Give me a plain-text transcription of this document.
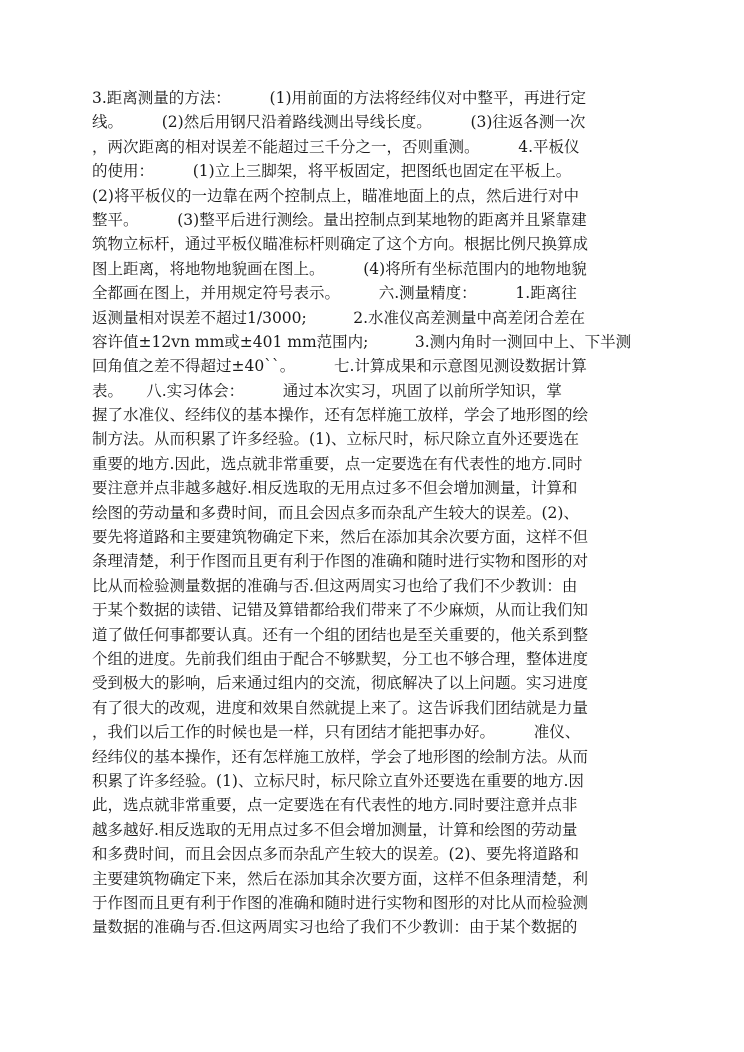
3.距离测量的方法：　　　(1)用前面的方法将经纬仪对中整平，再进行定
线。　　　(2)然后用钢尺沿着路线测出导线长度。　　　(3)往返各测一次
，两次距离的相对误差不能超过三千分之一，否则重测。　　　4.平板仪
的使用：　　　(1)立上三脚架，将平板固定，把图纸也固定在平板上。
(2)将平板仪的一边靠在两个控制点上，瞄准地面上的点，然后进行对中
整平。　　　(3)整平后进行测绘。量出控制点到某地物的距离并且紧靠建
筑物立标杆，通过平板仪瞄准标杆则确定了这个方向。根据比例尺换算成
图上距离，将地物地貌画在图上。　　　(4)将所有坐标范围内的地物地貌
全都画在图上，并用规定符号表示。　　　六.测量精度：　　　1.距离往
返测量相对误差不超过1/3000;　　　2.水准仪高差测量中高差闭合差在
容许值±12vn mm或±401 mm范围内;　　　3.测内角时一测回中上、下半测
回角值之差不得超过±40``。　　　七.计算成果和示意图见测设数据计算
表。　　八.实习体会：　　　通过本次实习，巩固了以前所学知识，掌
握了水准仪、经纬仪的基本操作，还有怎样施工放样，学会了地形图的绘
制方法。从而积累了许多经验。(1)、立标尺时，标尺除立直外还要选在
重要的地方.因此，选点就非常重要，点一定要选在有代表性的地方.同时
要注意并点非越多越好.相反选取的无用点过多不但会增加测量，计算和
绘图的劳动量和多费时间，而且会因点多而杂乱产生较大的误差。(2)、
要先将道路和主要建筑物确定下来，然后在添加其余次要方面，这样不但
条理清楚，利于作图而且更有利于作图的准确和随时进行实物和图形的对
比从而检验测量数据的准确与否.但这两周实习也给了我们不少教训：由
于某个数据的读错、记错及算错都给我们带来了不少麻烦，从而让我们知
道了做任何事都要认真。还有一个组的团结也是至关重要的，他关系到整
个组的进度。先前我们组由于配合不够默契，分工也不够合理，整体进度
受到极大的影响，后来通过组内的交流，彻底解决了以上问题。实习进度
有了很大的改观，进度和效果自然就提上来了。这告诉我们团结就是力量
，我们以后工作的时候也是一样，只有团结才能把事办好。　　　准仪、
经纬仪的基本操作，还有怎样施工放样，学会了地形图的绘制方法。从而
积累了许多经验。(1)、立标尺时，标尺除立直外还要选在重要的地方.因
此，选点就非常重要，点一定要选在有代表性的地方.同时要注意并点非
越多越好.相反选取的无用点过多不但会增加测量，计算和绘图的劳动量
和多费时间，而且会因点多而杂乱产生较大的误差。(2)、要先将道路和
主要建筑物确定下来，然后在添加其余次要方面，这样不但条理清楚，利
于作图而且更有利于作图的准确和随时进行实物和图形的对比从而检验测
量数据的准确与否.但这两周实习也给了我们不少教训：由于某个数据的
